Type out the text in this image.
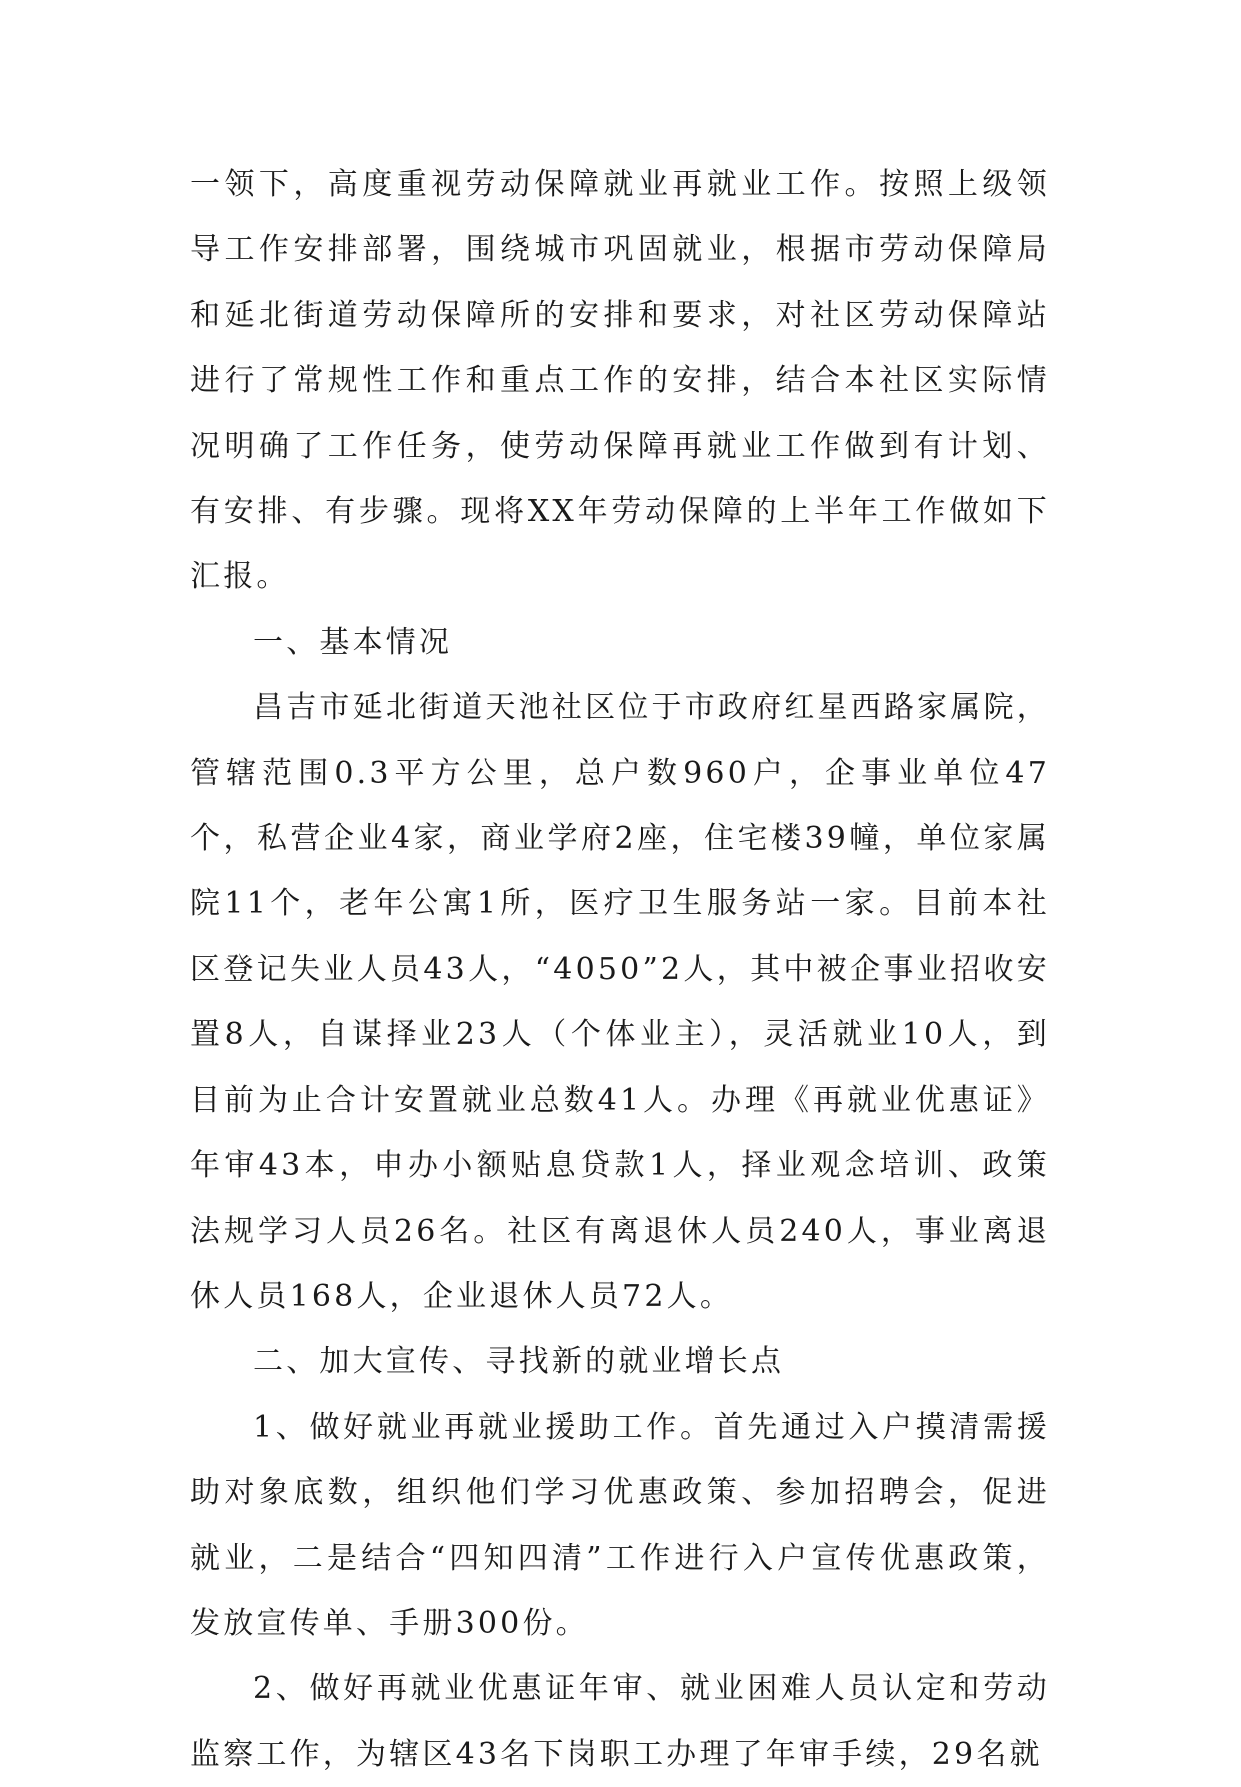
一领下，高度重视劳动保障就业再就业工作。按照上级领导工作安排部署，围绕城市巩固就业，根据市劳动保障局和延北街道劳动保障所的安排和要求，对社区劳动保障站进行了常规性工作和重点工作的安排，结合本社区实际情况明确了工作任务，使劳动保障再就业工作做到有计划、有安排、有步骤。现将XX年劳动保障的上半年工作做如下汇报。

一、基本情况

昌吉市延北街道天池社区位于市政府红星西路家属院，管辖范围0.3平方公里，总户数960户，企事业单位47个，私营企业4家，商业学府2座，住宅楼39幢，单位家属院11个，老年公寓1所，医疗卫生服务站一家。目前本社区登记失业人员43人，“4050”2人，其中被企事业招收安置8人，自谋择业23人（个体业主），灵活就业10人，到目前为止合计安置就业总数41人。办理《再就业优惠证》年审43本，申办小额贴息贷款1人，择业观念培训、政策法规学习人员26名。社区有离退休人员240人，事业离退休人员168人，企业退休人员72人。

二、加大宣传、寻找新的就业增长点

1、做好就业再就业援助工作。首先通过入户摸清需援助对象底数，组织他们学习优惠政策、参加招聘会，促进就业，二是结合“四知四清”工作进行入户宣传优惠政策，发放宣传单、手册300份。

2、做好再就业优惠证年审、就业困难人员认定和劳动监察工作，为辖区43名下岗职工办理了年审手续，29名就
